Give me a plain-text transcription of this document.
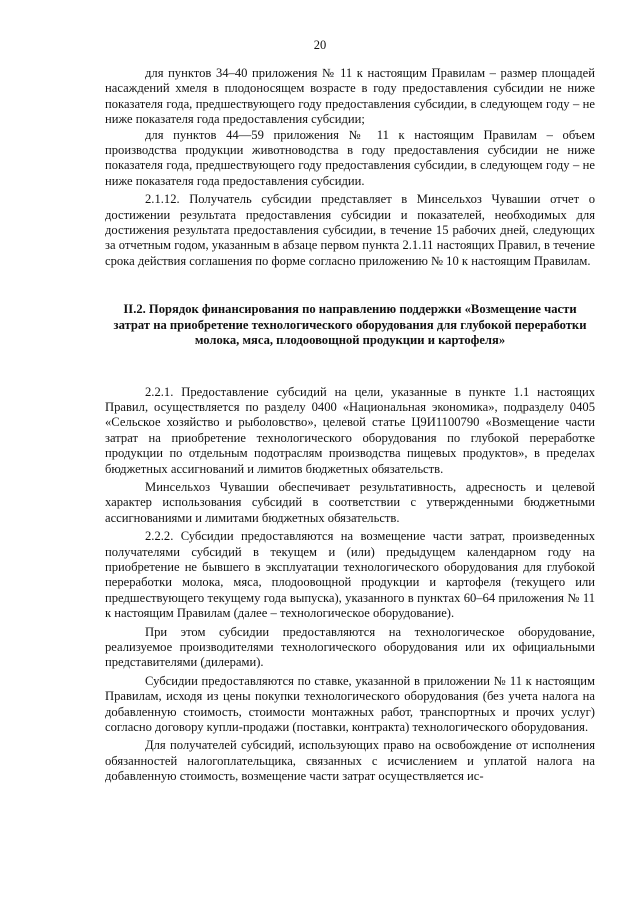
20

для пунктов 34–40 приложения № 11 к настоящим Правилам – размер площадей насаждений хмеля в плодоносящем возрасте в году предоставления субсидии не ниже показателя года, предшествующего году предоставления субсидии, в следующем году – не ниже показателя года предоставления субсидии;

для пунктов 44—59 приложения № 11 к настоящим Правилам – объем производства продукции животноводства в году предоставления субсидии не ниже показателя года, предшествующего году предоставления субсидии, в следующем году – не ниже показателя года предоставления субсидии.

2.1.12. Получатель субсидии представляет в Минсельхоз Чувашии отчет о достижении результата предоставления субсидии и показателей, необходимых для достижения результата предоставления субсидии, в течение 15 рабочих дней, следующих за отчетным годом, указанным в абзаце первом пункта 2.1.11 настоящих Правил, в течение срока действия соглашения по форме согласно приложению № 10 к настоящим Правилам.

II.2. Порядок финансирования по направлению поддержки «Возмещение части затрат на приобретение технологического оборудования для глубокой переработки молока, мяса, плодоовощной продукции и картофеля»

2.2.1. Предоставление субсидий на цели, указанные в пункте 1.1 настоящих Правил, осуществляется по разделу 0400 «Национальная экономика», подразделу 0405 «Сельское хозяйство и рыболовство», целевой статье Ц9И1100790 «Возмещение части затрат на приобретение технологического оборудования по глубокой переработке продукции по отдельным подотраслям производства пищевых продуктов», в пределах бюджетных ассигнований и лимитов бюджетных обязательств.

Минсельхоз Чувашии обеспечивает результативность, адресность и целевой характер использования субсидий в соответствии с утвержденными бюджетными ассигнованиями и лимитами бюджетных обязательств.

2.2.2. Субсидии предоставляются на возмещение части затрат, произведенных получателями субсидий в текущем и (или) предыдущем календарном году на приобретение не бывшего в эксплуатации технологического оборудования для глубокой переработки молока, мяса, плодоовощной продукции и картофеля (текущего или предшествующего текущему года выпуска), указанного в пунктах 60–64 приложения № 11 к настоящим Правилам (далее – технологическое оборудование).

При этом субсидии предоставляются на технологическое оборудование, реализуемое производителями технологического оборудования или их официальными представителями (дилерами).

Субсидии предоставляются по ставке, указанной в приложении № 11 к настоящим Правилам, исходя из цены покупки технологического оборудования (без учета налога на добавленную стоимость, стоимости монтажных работ, транспортных и прочих услуг) согласно договору купли-продажи (поставки, контракта) технологического оборудования.

Для получателей субсидий, использующих право на освобождение от исполнения обязанностей налогоплательщика, связанных с исчислением и уплатой налога на добавленную стоимость, возмещение части затрат осуществляется ис-
